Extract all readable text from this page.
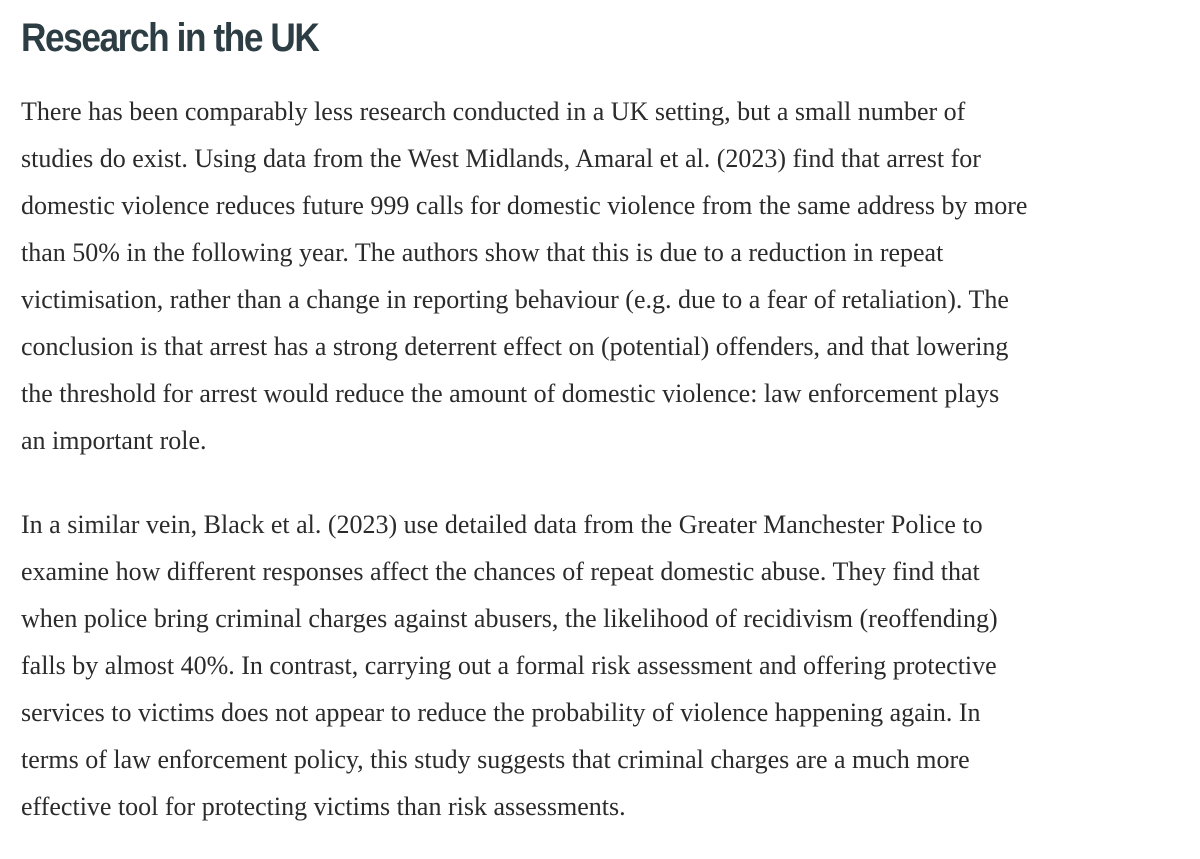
Research in the UK

There has been comparably less research conducted in a UK setting, but a small number of
studies do exist. Using data from the West Midlands, Amaral et al. (2023) find that arrest for
domestic violence reduces future 999 calls for domestic violence from the same address by more
than 50% in the following year. The authors show that this is due to a reduction in repeat
victimisation, rather than a change in reporting behaviour (e.g. due to a fear of retaliation). The
conclusion is that arrest has a strong deterrent effect on (potential) offenders, and that lowering
the threshold for arrest would reduce the amount of domestic violence: law enforcement plays
an important role.

In a similar vein, Black et al. (2023) use detailed data from the Greater Manchester Police to
examine how different responses affect the chances of repeat domestic abuse. They find that
when police bring criminal charges against abusers, the likelihood of recidivism (reoffending)
falls by almost 40%. In contrast, carrying out a formal risk assessment and offering protective
services to victims does not appear to reduce the probability of violence happening again. In
terms of law enforcement policy, this study suggests that criminal charges are a much more
effective tool for protecting victims than risk assessments.
